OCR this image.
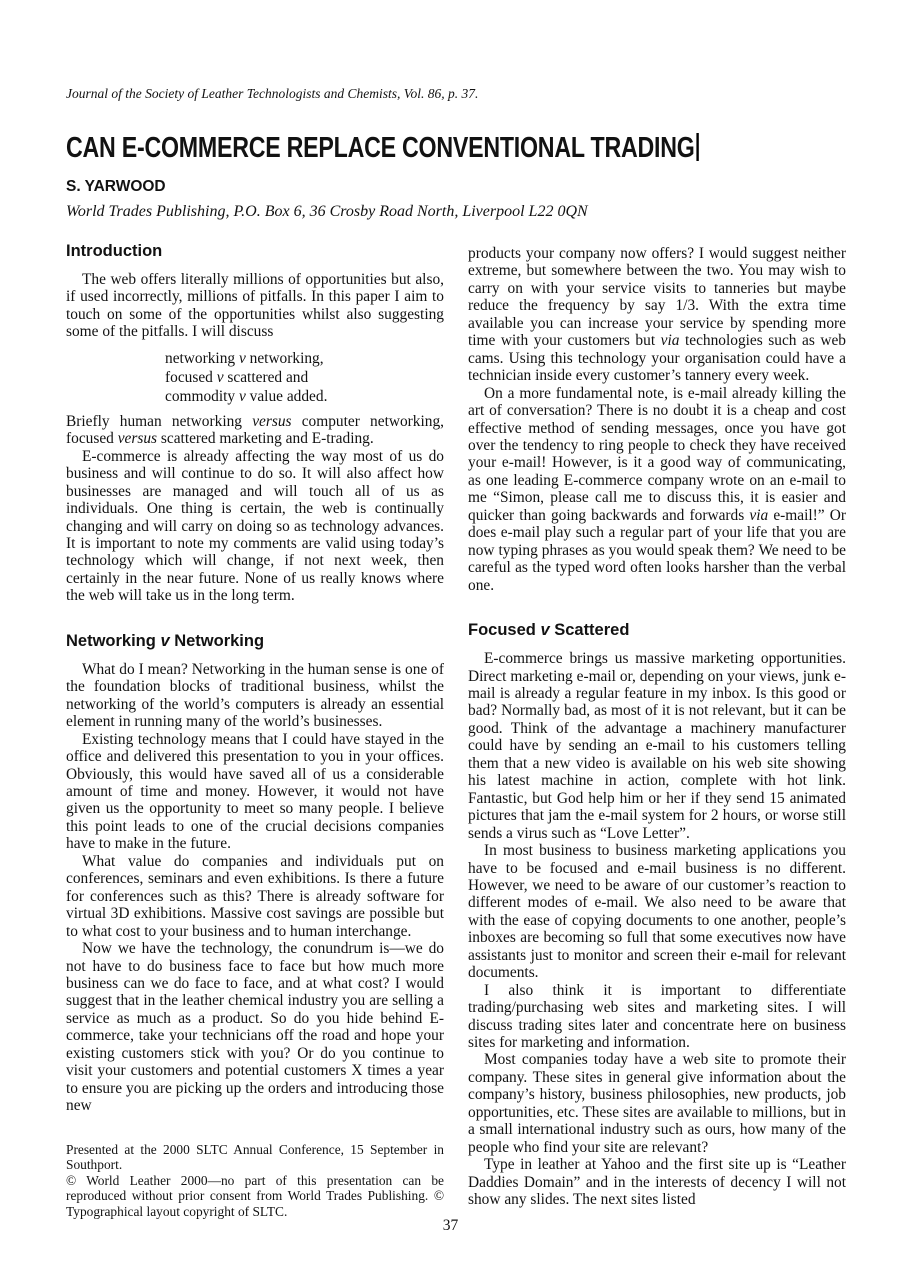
Journal of the Society of Leather Technologists and Chemists, Vol. 86, p. 37.
CAN E-COMMERCE REPLACE CONVENTIONAL TRADING
S. YARWOOD
World Trades Publishing, P.O. Box 6, 36 Crosby Road North, Liverpool L22 0QN
Introduction

The web offers literally millions of opportunities but also, if used incorrectly, millions of pitfalls. In this paper I aim to touch on some of the opportunities whilst also suggesting some of the pitfalls. I will discuss

networking v networking,
focused v scattered and
commodity v value added.

Briefly human networking versus computer networking, focused versus scattered marketing and E-trading.

E-commerce is already affecting the way most of us do business and will continue to do so. It will also affect how businesses are managed and will touch all of us as individuals. One thing is certain, the web is continually changing and will carry on doing so as technology advances. It is important to note my comments are valid using today’s technology which will change, if not next week, then certainly in the near future. None of us really knows where the web will take us in the long term.

Networking v Networking

What do I mean? Networking in the human sense is one of the foundation blocks of traditional business, whilst the networking of the world’s computers is already an essential element in running many of the world’s businesses.

Existing technology means that I could have stayed in the office and delivered this presentation to you in your offices. Obviously, this would have saved all of us a considerable amount of time and money. However, it would not have given us the opportunity to meet so many people. I believe this point leads to one of the crucial decisions companies have to make in the future.

What value do companies and individuals put on conferences, seminars and even exhibitions. Is there a future for conferences such as this? There is already software for virtual 3D exhibitions. Massive cost savings are possible but to what cost to your business and to human interchange.

Now we have the technology, the conundrum is—we do not have to do business face to face but how much more business can we do face to face, and at what cost? I would suggest that in the leather chemical industry you are selling a service as much as a product. So do you hide behind E-commerce, take your technicians off the road and hope your existing customers stick with you? Or do you continue to visit your customers and potential customers X times a year to ensure you are picking up the orders and introducing those new

Presented at the 2000 SLTC Annual Conference, 15 September in Southport.

© World Leather 2000—no part of this presentation can be reproduced without prior consent from World Trades Publishing. © Typographical layout copyright of SLTC.

products your company now offers? I would suggest neither extreme, but somewhere between the two. You may wish to carry on with your service visits to tanneries but maybe reduce the frequency by say 1/3. With the extra time available you can increase your service by spending more time with your customers but via technologies such as web cams. Using this technology your organisation could have a technician inside every customer’s tannery every week.

On a more fundamental note, is e-mail already killing the art of conversation? There is no doubt it is a cheap and cost effective method of sending messages, once you have got over the tendency to ring people to check they have received your e-mail! However, is it a good way of communicating, as one leading E-commerce company wrote on an e-mail to me “Simon, please call me to discuss this, it is easier and quicker than going backwards and forwards via e-mail!” Or does e-mail play such a regular part of your life that you are now typing phrases as you would speak them? We need to be careful as the typed word often looks harsher than the verbal one.

Focused v Scattered

E-commerce brings us massive marketing opportunities. Direct marketing e-mail or, depending on your views, junk e-mail is already a regular feature in my inbox. Is this good or bad? Normally bad, as most of it is not relevant, but it can be good. Think of the advantage a machinery manufacturer could have by sending an e-mail to his customers telling them that a new video is available on his web site showing his latest machine in action, complete with hot link. Fantastic, but God help him or her if they send 15 animated pictures that jam the e-mail system for 2 hours, or worse still sends a virus such as “Love Letter”.

In most business to business marketing applications you have to be focused and e-mail business is no different. However, we need to be aware of our customer’s reaction to different modes of e-mail. We also need to be aware that with the ease of copying documents to one another, people’s inboxes are becoming so full that some executives now have assistants just to monitor and screen their e-mail for relevant documents.

I also think it is important to differentiate trading/purchasing web sites and marketing sites. I will discuss trading sites later and concentrate here on business sites for marketing and information.

Most companies today have a web site to promote their company. These sites in general give information about the company’s history, business philosophies, new products, job opportunities, etc. These sites are available to millions, but in a small international industry such as ours, how many of the people who find your site are relevant?

Type in leather at Yahoo and the first site up is “Leather Daddies Domain” and in the interests of decency I will not show any slides. The next sites listed

37
